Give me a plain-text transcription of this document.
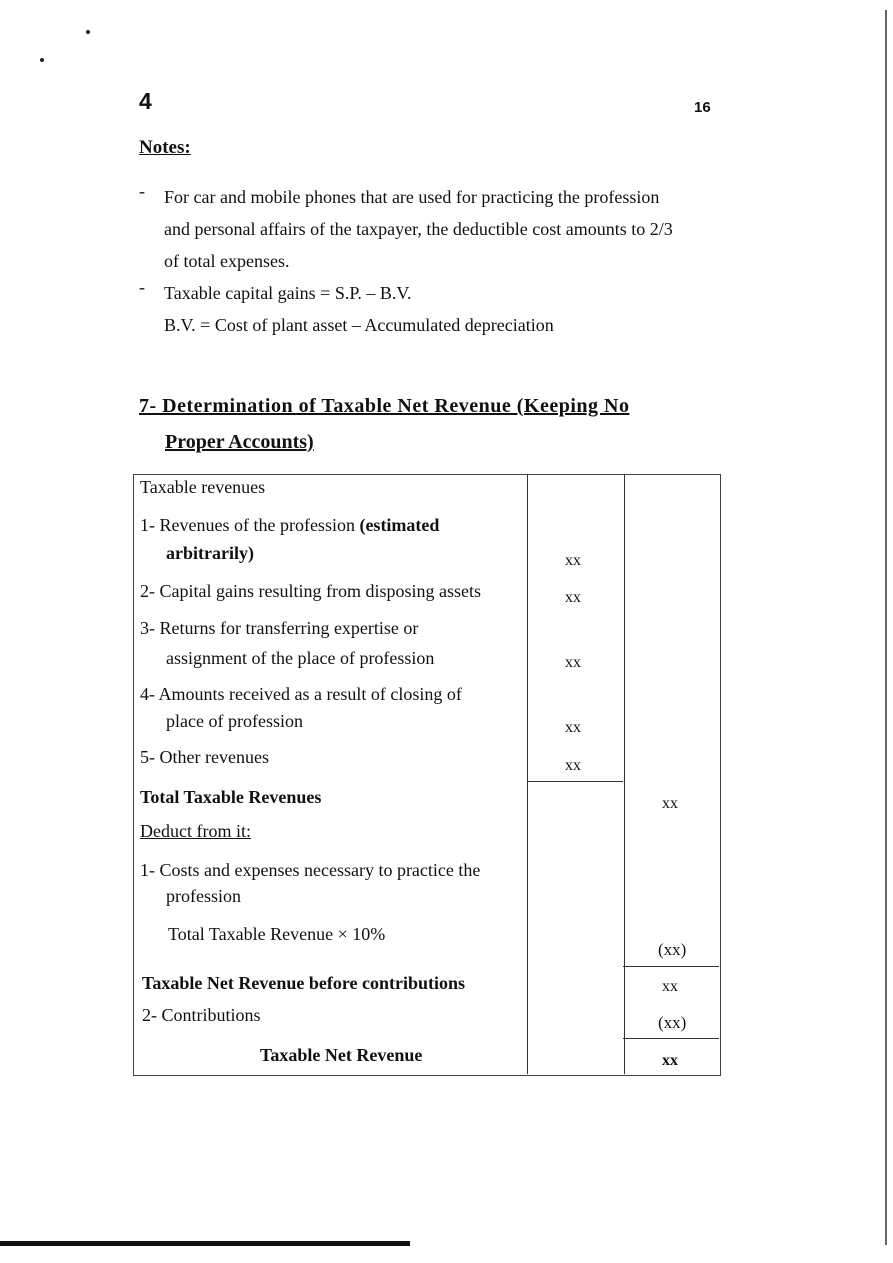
4	16
Notes:
- For car and mobile phones that are used for practicing the profession
and personal affairs of the taxpayer, the deductible cost amounts to 2/3
of total expenses.
- Taxable capital gains = S.P. – B.V.
B.V. = Cost of plant asset – Accumulated depreciation
7- Determination of Taxable Net Revenue (Keeping No
Proper Accounts)
Taxable revenues
1- Revenues of the profession (estimated
arbitrarily)
2- Capital gains resulting from disposing assets
3- Returns for transferring expertise or
assignment of the place of profession
4- Amounts received as a result of closing of
place of profession
5- Other revenues
Total Taxable Revenues
Deduct from it:
1- Costs and expenses necessary to practice the
profession
Total Taxable Revenue × 10%
Taxable Net Revenue before contributions
2- Contributions
Taxable Net Revenue
xx
xx
xx
xx
xx
xx
(xx)
xx
(xx)
xx
